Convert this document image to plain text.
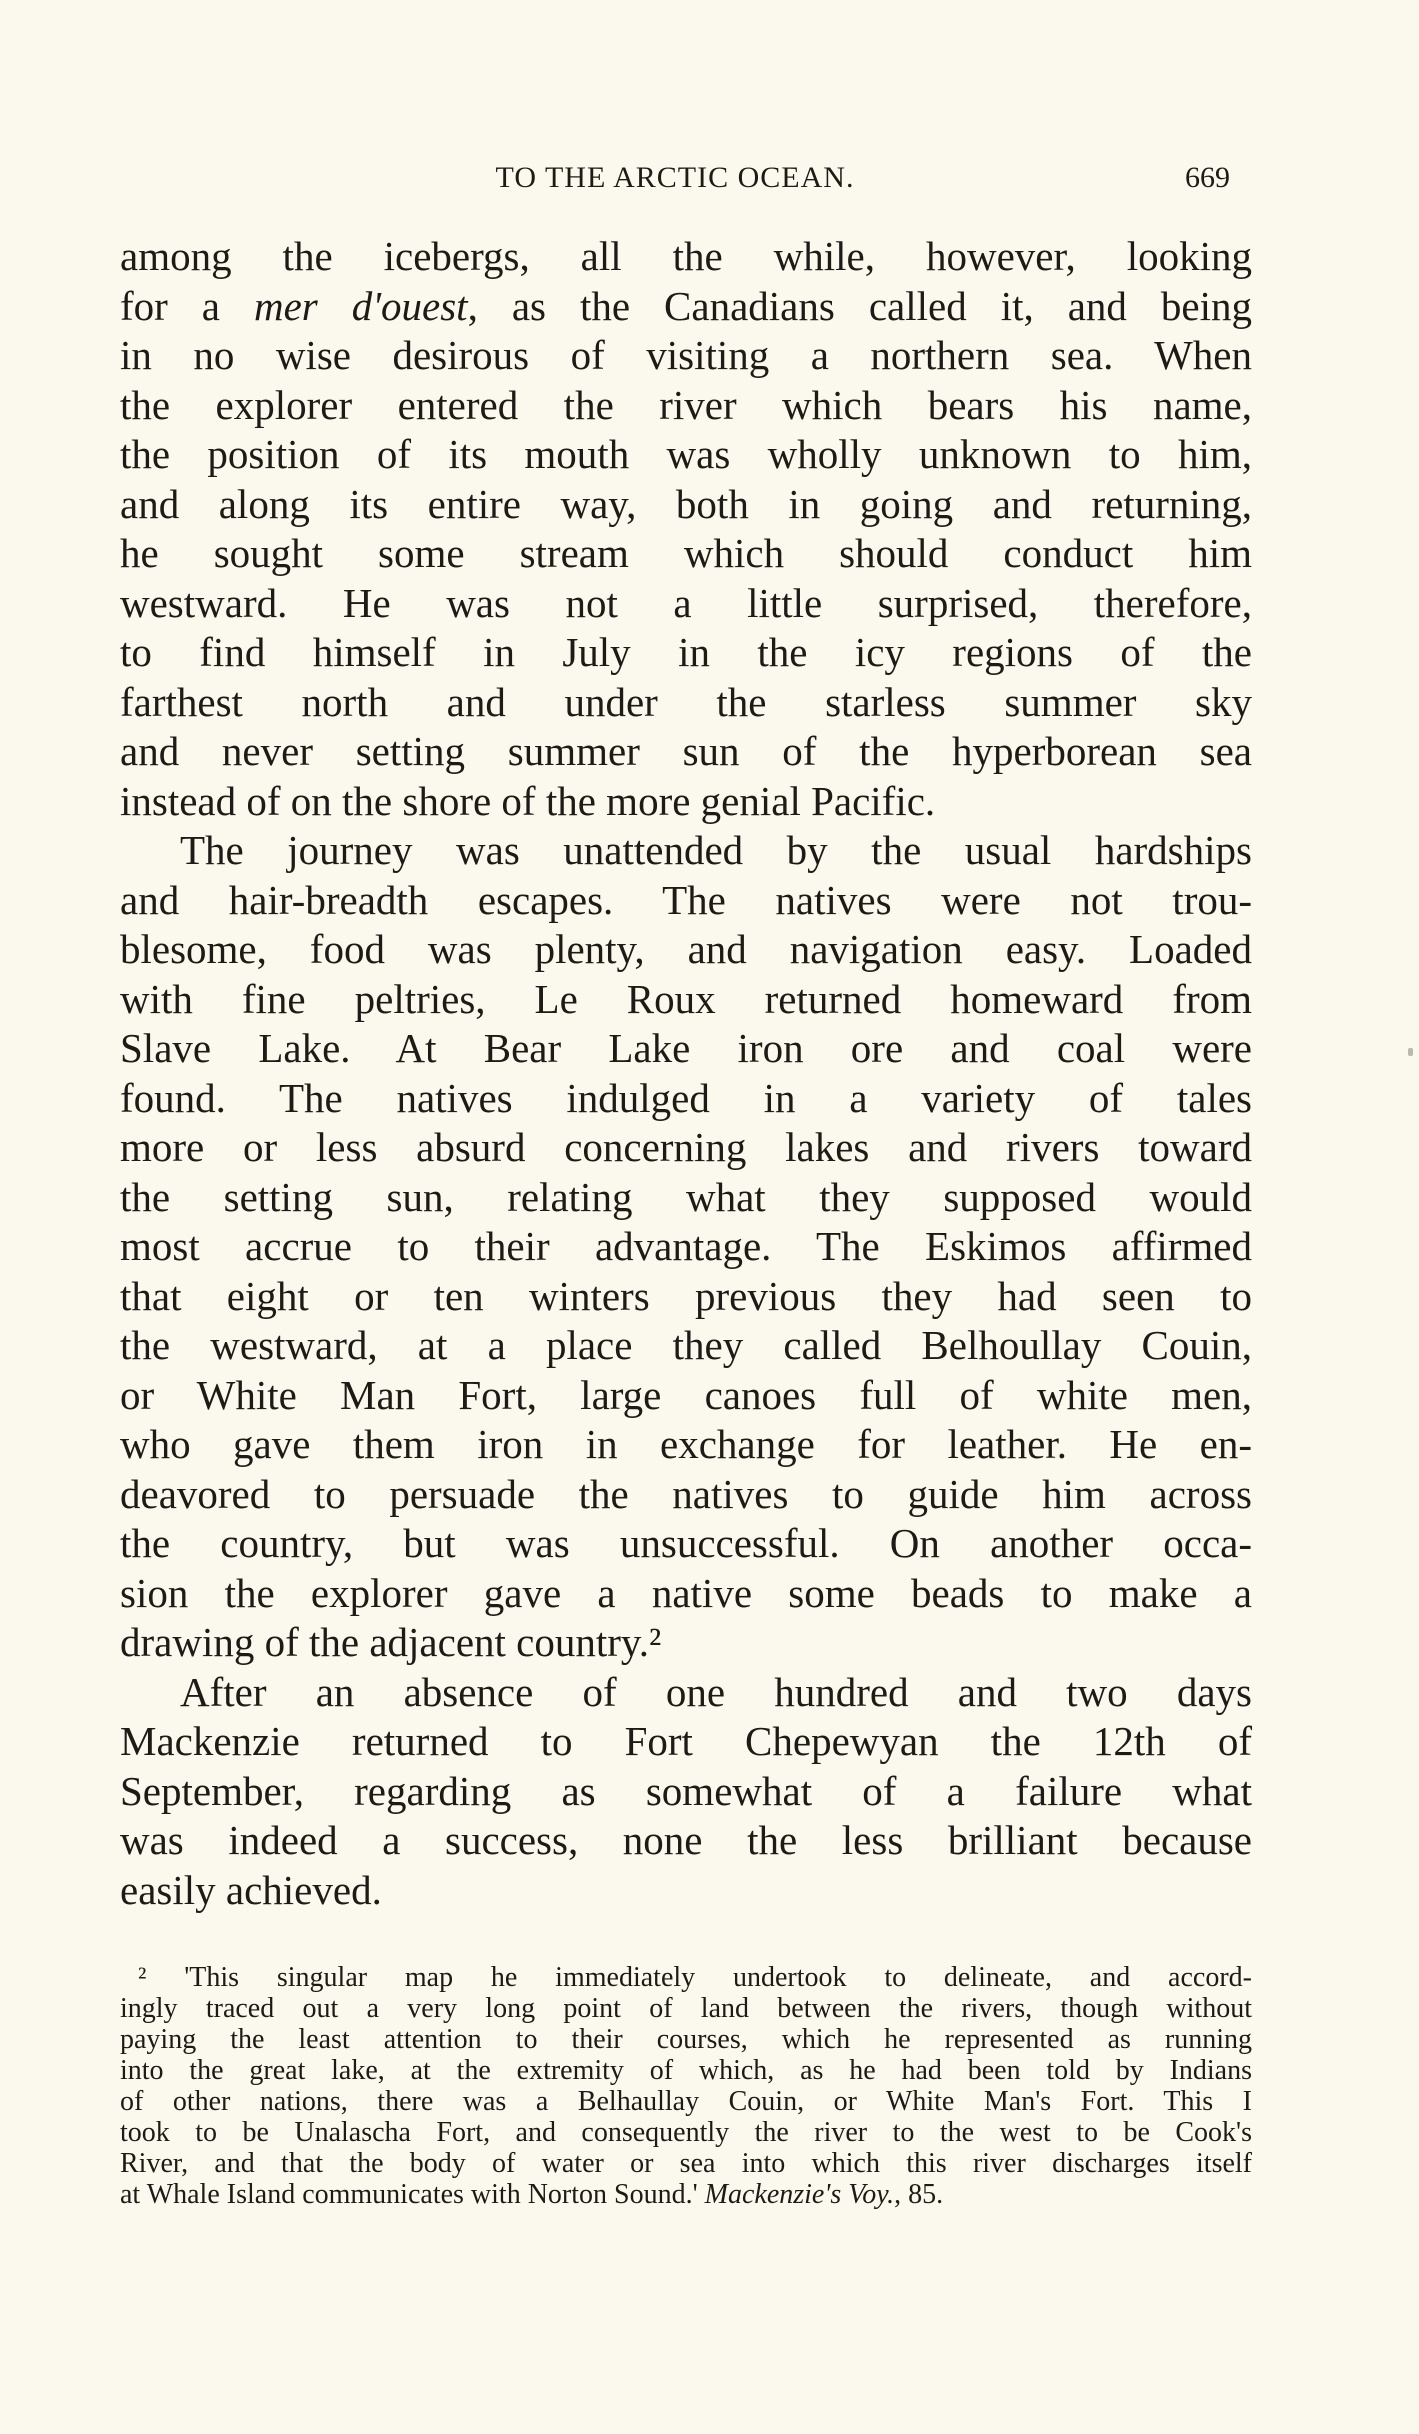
TO THE ARCTIC OCEAN.	669
among the icebergs, all the while, however, looking
for a mer d'ouest, as the Canadians called it, and being
in no wise desirous of visiting a northern sea. When
the explorer entered the river which bears his name,
the position of its mouth was wholly unknown to him,
and along its entire way, both in going and returning,
he sought some stream which should conduct him
westward. He was not a little surprised, therefore,
to find himself in July in the icy regions of the
farthest north and under the starless summer sky
and never setting summer sun of the hyperborean sea
instead of on the shore of the more genial Pacific.
The journey was unattended by the usual hardships
and hair-breadth escapes. The natives were not trou-
blesome, food was plenty, and navigation easy. Loaded
with fine peltries, Le Roux returned homeward from
Slave Lake. At Bear Lake iron ore and coal were
found. The natives indulged in a variety of tales
more or less absurd concerning lakes and rivers toward
the setting sun, relating what they supposed would
most accrue to their advantage. The Eskimos affirmed
that eight or ten winters previous they had seen to
the westward, at a place they called Belhoullay Couin,
or White Man Fort, large canoes full of white men,
who gave them iron in exchange for leather. He en-
deavored to persuade the natives to guide him across
the country, but was unsuccessful. On another occa-
sion the explorer gave a native some beads to make a
drawing of the adjacent country.²
After an absence of one hundred and two days
Mackenzie returned to Fort Chepewyan the 12th of
September, regarding as somewhat of a failure what
was indeed a success, none the less brilliant because
easily achieved.
² 'This singular map he immediately undertook to delineate, and accord-
ingly traced out a very long point of land between the rivers, though without
paying the least attention to their courses, which he represented as running
into the great lake, at the extremity of which, as he had been told by Indians
of other nations, there was a Belhaullay Couin, or White Man's Fort. This I
took to be Unalascha Fort, and consequently the river to the west to be Cook's
River, and that the body of water or sea into which this river discharges itself
at Whale Island communicates with Norton Sound.' Mackenzie's Voy., 85.
